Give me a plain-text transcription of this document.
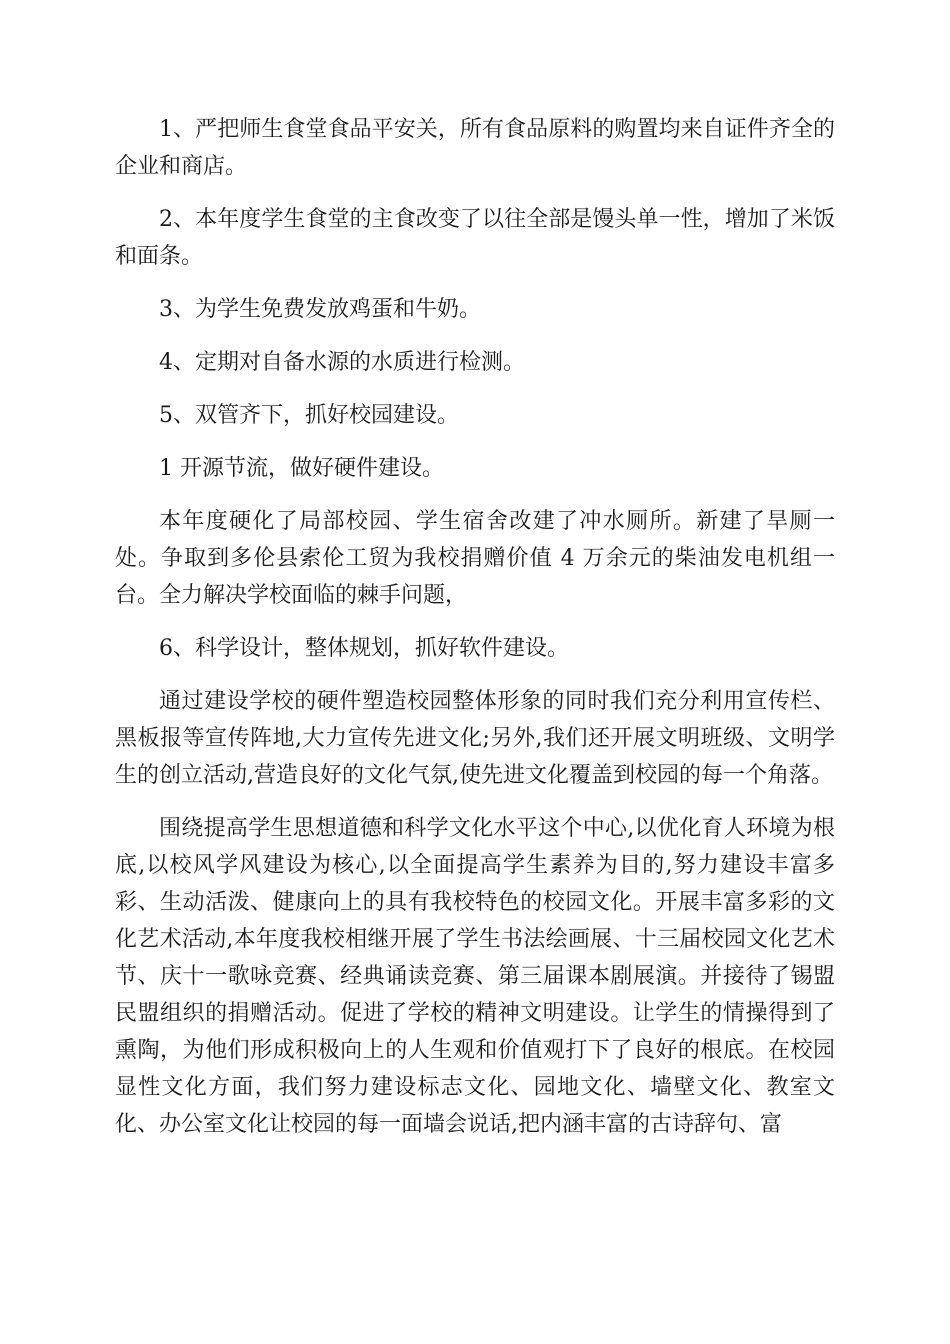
1、严把师生食堂食品平安关，所有食品原料的购置均来自证件齐全的企业和商店。

2、本年度学生食堂的主食改变了以往全部是馒头单一性，增加了米饭和面条。

3、为学生免费发放鸡蛋和牛奶。

4、定期对自备水源的水质进行检测。

5、双管齐下，抓好校园建设。

1 开源节流，做好硬件建设。

本年度硬化了局部校园、学生宿舍改建了冲水厕所。新建了旱厕一处。争取到多伦县索伦工贸为我校捐赠价值 4 万余元的柴油发电机组一台。全力解决学校面临的棘手问题，

6、科学设计，整体规划，抓好软件建设。

通过建设学校的硬件塑造校园整体形象的同时我们充分利用宣传栏、黑板报等宣传阵地,大力宣传先进文化;另外,我们还开展文明班级、文明学生的创立活动,营造良好的文化气氛,使先进文化覆盖到校园的每一个角落。

围绕提高学生思想道德和科学文化水平这个中心,以优化育人环境为根底,以校风学风建设为核心,以全面提高学生素养为目的,努力建设丰富多彩、生动活泼、健康向上的具有我校特色的校园文化。开展丰富多彩的文化艺术活动,本年度我校相继开展了学生书法绘画展、十三届校园文化艺术节、庆十一歌咏竞赛、经典诵读竞赛、第三届课本剧展演。并接待了锡盟民盟组织的捐赠活动。促进了学校的精神文明建设。让学生的情操得到了熏陶，为他们形成积极向上的人生观和价值观打下了良好的根底。在校园显性文化方面，我们努力建设标志文化、园地文化、墙壁文化、教室文化、办公室文化让校园的每一面墙会说话,把内涵丰富的古诗辞句、富
